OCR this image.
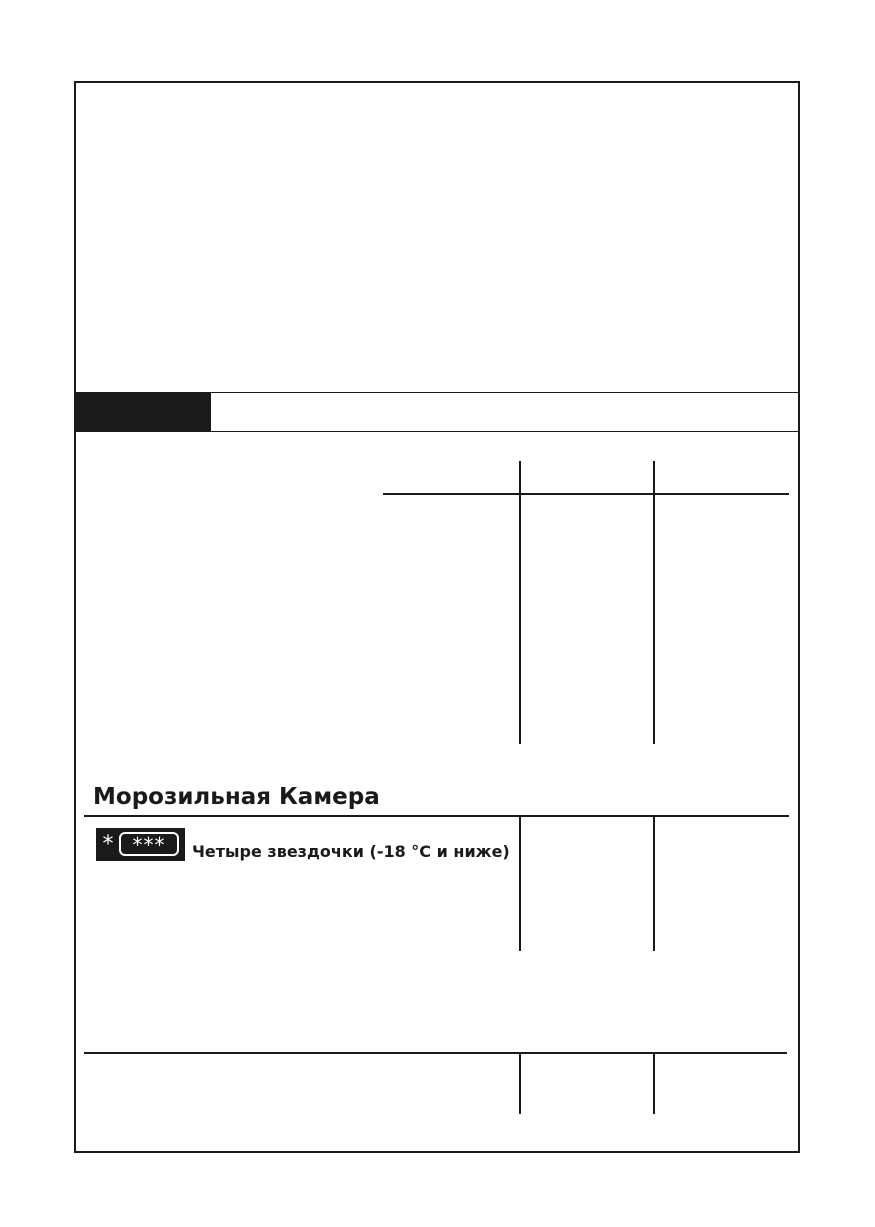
Морозильная Камера
* ***	Четыре звездочки (-18 °C и ниже)
